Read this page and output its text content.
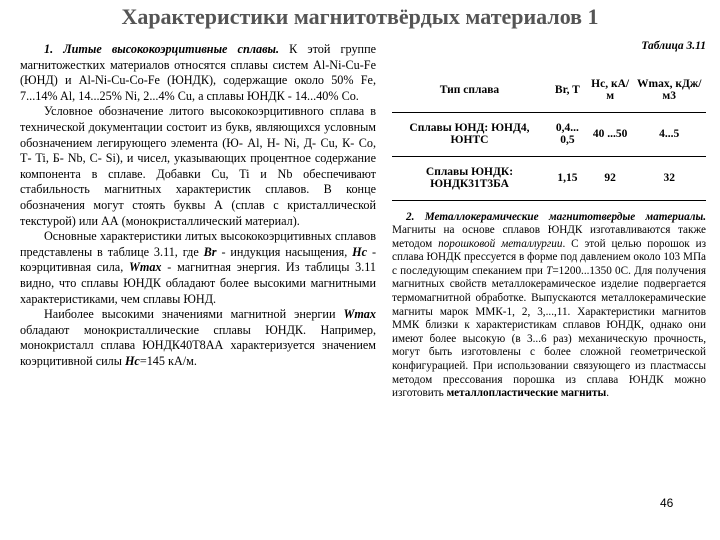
Характеристики магнитотвёрдых материалов 1

1. Литые высококоэрцитивные сплавы. К этой группе магнитожестких материалов относятся сплавы систем Al-Ni-Cu-Fe (ЮНД) и Al-Ni-Cu-Co-Fe (ЮНДК), содержащие около 50% Fe, 7...14% Al, 14...25% Ni, 2...4% Cu, а сплавы ЮНДК - 14...40% Co.

Условное обозначение литого высококоэрцитивного сплава в технической документации состоит из букв, являющихся условным обозначением легирующего элемента (Ю- Al, Н- Ni, Д- Cu, К- Co, Т- Ti, Б- Nb, С- Si), и чисел, указывающих процентное содержание компонента в сплаве. Добавки Cu, Ti и Nb обеспечивают стабильность магнитных характеристик сплавов. В конце обозначения могут стоять буквы А (сплав с кристаллической текстурой) или АА (монокристаллический материал).

Основные характеристики литых высококоэрцитивных сплавов представлены в таблице 3.11, где Br - индукция насыщения, Hc - коэрцитивная сила, Wmax - магнитная энергия. Из таблицы 3.11 видно, что сплавы ЮНДК обладают более высокими магнитными характеристиками, чем сплавы ЮНД.

Наиболее высокими значениями магнитной энергии Wmax обладают монокристаллические сплавы ЮНДК. Например, монокристалл сплава ЮНДК40Т8АА характеризуется значением коэрцитивной силы Hc=145 кА/м.

Таблица 3.11
Тип сплава	Br, T	Hc, кА/м	Wmax, кДж/м3
Сплавы ЮНД: ЮНД4, ЮНТС	0,4... 0,5	40 ...50	4...5
Сплавы ЮНДК: ЮНДК31Т3БА	1,15	92	32

2. Металлокерамические магнитотвердые материалы. Магниты на основе сплавов ЮНДК изготавливаются также методом порошковой металлургии. С этой целью порошок из сплава ЮНДК прессуется в форме под давлением около 103 МПа с последующим спеканием при T=1200...1350 0С. Для получения магнитных свойств металлокерамическое изделие подвергается термомагнитной обработке. Выпускаются металлокерамические магниты марок ММК-1, 2, 3,...,11. Характеристики магнитов ММК близки к характеристикам сплавов ЮНДК, однако они имеют более высокую (в 3...6 раз) механическую прочность, могут быть изготовлены с более сложной геометрической конфигурацией. При использовании связующего из пластмассы методом прессования порошка из сплава ЮНДК можно изготовить металлопластические магниты.

46
